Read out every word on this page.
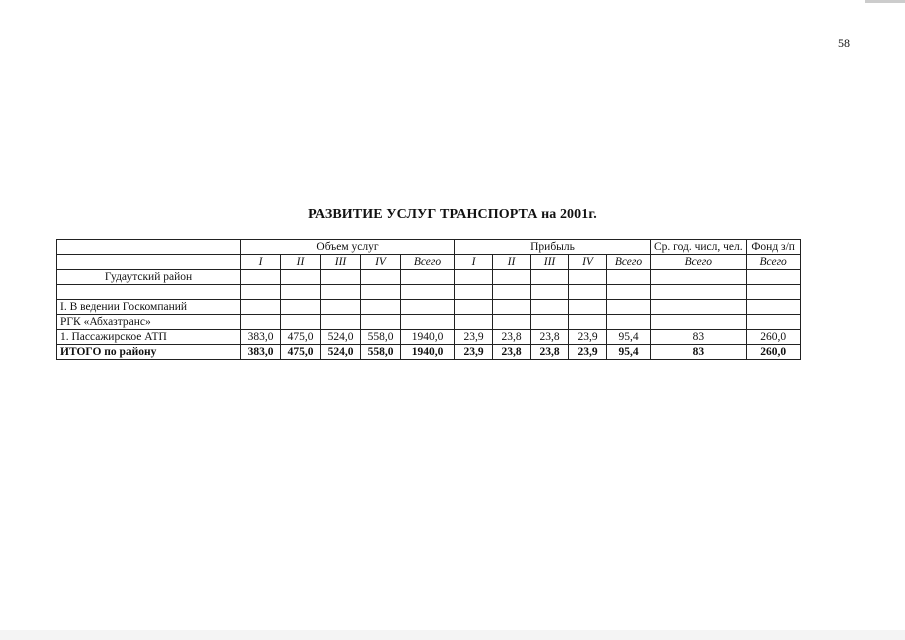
58
РАЗВИТИЕ УСЛУГ ТРАНСПОРТА на 2001г.
	Объем услуг					Прибыль					Ср. год. числ, чел.	Фонд з/п
	I	II	III	IV	Всего	I	II	III	IV	Всего	Всего	Всего
Гудаутский район												

I. В ведении Госкомпаний												
РГК «Абхазтранс»												
1. Пассажирское АТП	383,0	475,0	524,0	558,0	1940,0	23,9	23,8	23,8	23,9	95,4	83	260,0
ИТОГО по району	383,0	475,0	524,0	558,0	1940,0	23,9	23,8	23,8	23,9	95,4	83	260,0
